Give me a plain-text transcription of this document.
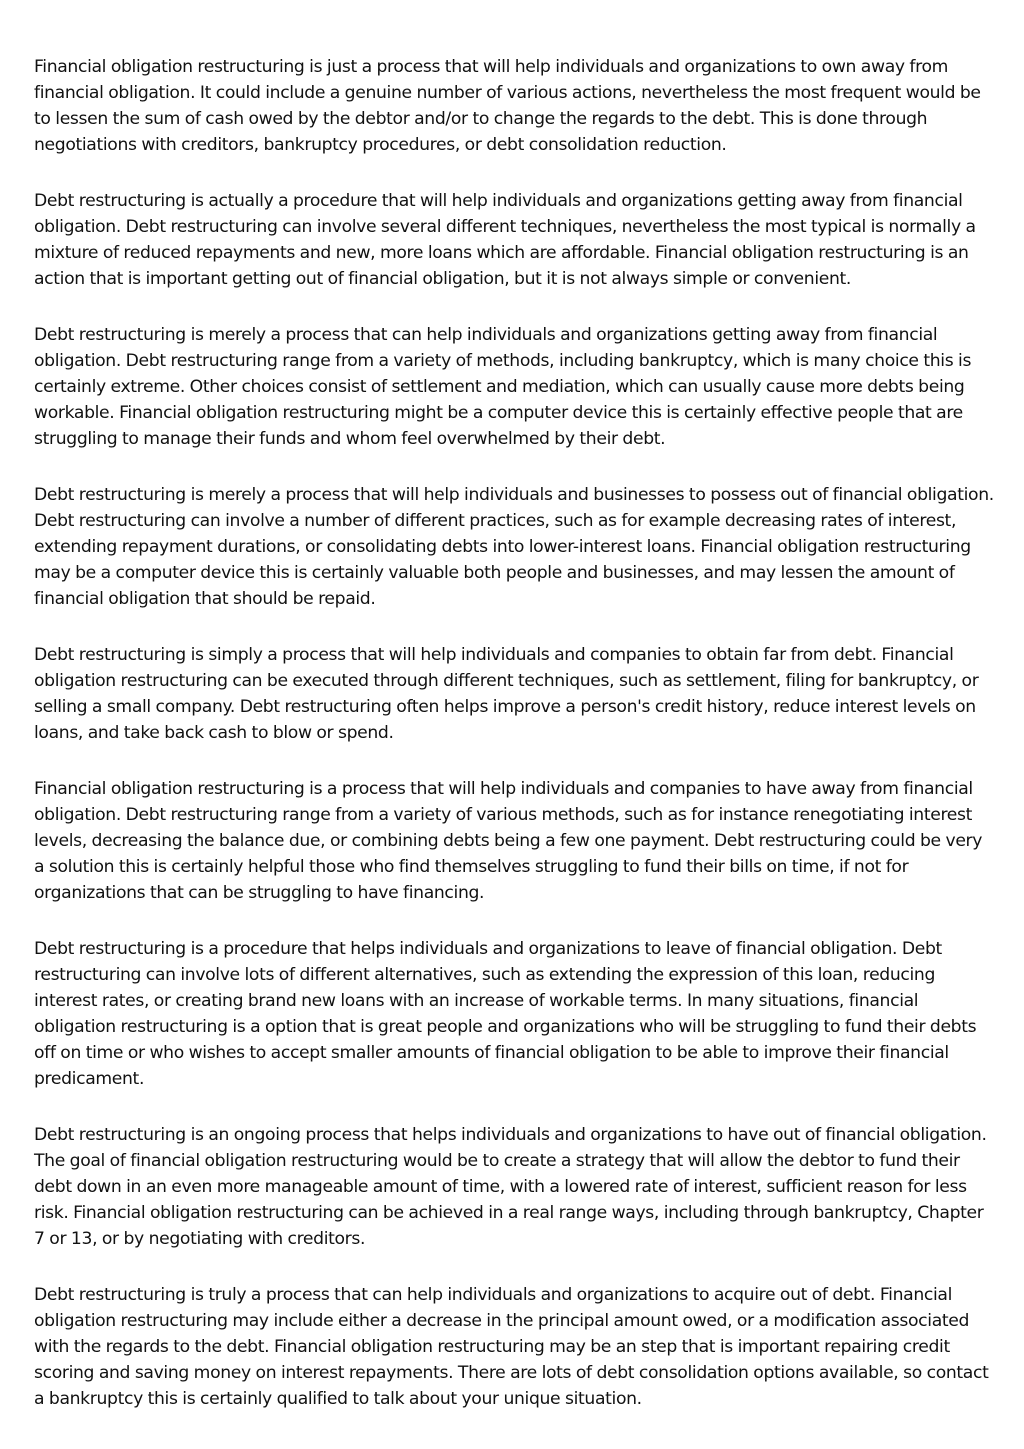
Financial obligation restructuring is just a process that will help individuals and organizations to own away from financial obligation. It could include a genuine number of various actions, nevertheless the most frequent would be to lessen the sum of cash owed by the debtor and/or to change the regards to the debt. This is done through negotiations with creditors, bankruptcy procedures, or debt consolidation reduction.

Debt restructuring is actually a procedure that will help individuals and organizations getting away from financial obligation. Debt restructuring can involve several different techniques, nevertheless the most typical is normally a mixture of reduced repayments and new, more loans which are affordable. Financial obligation restructuring is an action that is important getting out of financial obligation, but it is not always simple or convenient.

Debt restructuring is merely a process that can help individuals and organizations getting away from financial obligation. Debt restructuring range from a variety of methods, including bankruptcy, which is many choice this is certainly extreme. Other choices consist of settlement and mediation, which can usually cause more debts being workable. Financial obligation restructuring might be a computer device this is certainly effective people that are struggling to manage their funds and whom feel overwhelmed by their debt.

Debt restructuring is merely a process that will help individuals and businesses to possess out of financial obligation. Debt restructuring can involve a number of different practices, such as for example decreasing rates of interest, extending repayment durations, or consolidating debts into lower-interest loans. Financial obligation restructuring may be a computer device this is certainly valuable both people and businesses, and may lessen the amount of financial obligation that should be repaid.

Debt restructuring is simply a process that will help individuals and companies to obtain far from debt. Financial obligation restructuring can be executed through different techniques, such as settlement, filing for bankruptcy, or selling a small company. Debt restructuring often helps improve a person's credit history, reduce interest levels on loans, and take back cash to blow or spend.

Financial obligation restructuring is a process that will help individuals and companies to have away from financial obligation. Debt restructuring range from a variety of various methods, such as for instance renegotiating interest levels, decreasing the balance due, or combining debts being a few one payment. Debt restructuring could be very a solution this is certainly helpful those who find themselves struggling to fund their bills on time, if not for organizations that can be struggling to have financing.

Debt restructuring is a procedure that helps individuals and organizations to leave of financial obligation. Debt restructuring can involve lots of different alternatives, such as extending the expression of this loan, reducing interest rates, or creating brand new loans with an increase of workable terms. In many situations, financial obligation restructuring is a option that is great people and organizations who will be struggling to fund their debts off on time or who wishes to accept smaller amounts of financial obligation to be able to improve their financial predicament.

Debt restructuring is an ongoing process that helps individuals and organizations to have out of financial obligation. The goal of financial obligation restructuring would be to create a strategy that will allow the debtor to fund their debt down in an even more manageable amount of time, with a lowered rate of interest, sufficient reason for less risk. Financial obligation restructuring can be achieved in a real range ways, including through bankruptcy, Chapter 7 or 13, or by negotiating with creditors.

Debt restructuring is truly a process that can help individuals and organizations to acquire out of debt. Financial obligation restructuring may include either a decrease in the principal amount owed, or a modification associated with the regards to the debt. Financial obligation restructuring may be an step that is important repairing credit scoring and saving money on interest repayments. There are lots of debt consolidation options available, so contact a bankruptcy this is certainly qualified to talk about your unique situation.
